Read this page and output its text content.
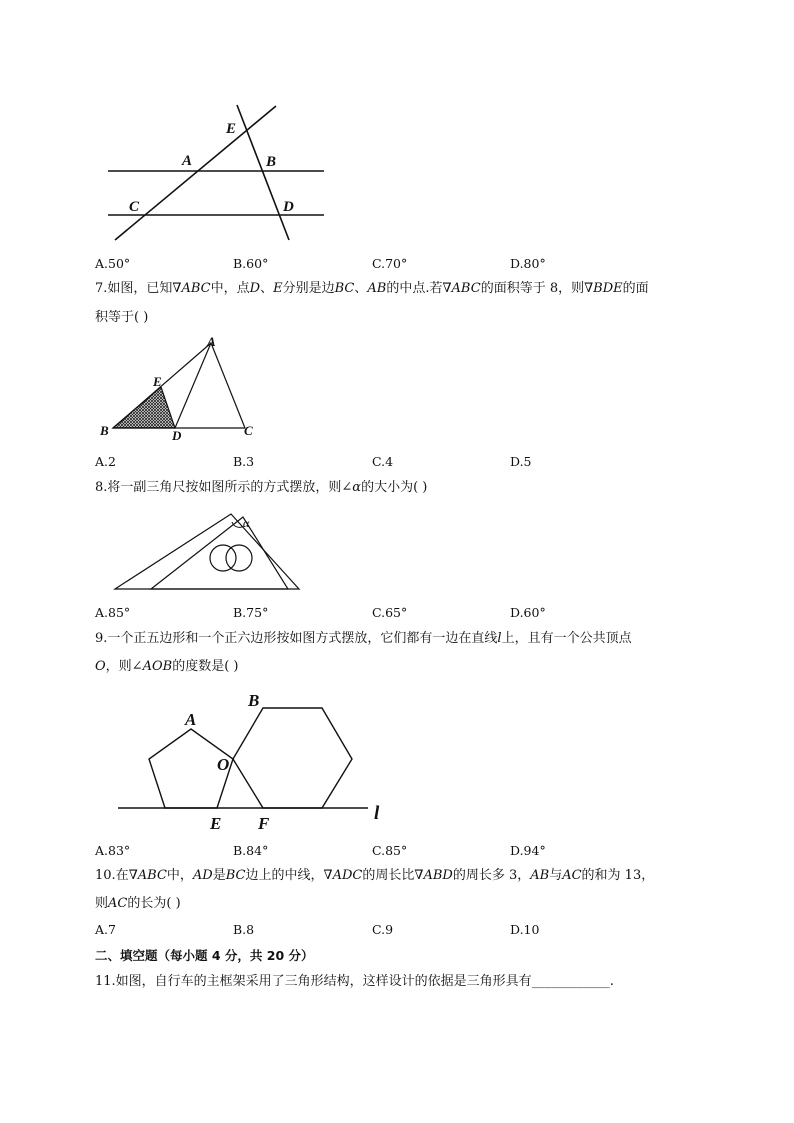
E
A	B
C	D
A.50°	B.60°	C.70°	D.80°
7.如图，已知∇ABC中，点D、E分别是边BC、AB的中点.若∇ABC的面积等于 8，则∇BDE的面
积等于( )
A
E
B	D	C
A.2	B.3	C.4	D.5
8.将一副三角尺按如图所示的方式摆放，则∠α的大小为( )
α
A.85°	B.75°	C.65°	D.60°
9.一个正五边形和一个正六边形按如图方式摆放，它们都有一边在直线l上，且有一个公共顶点
O，则∠AOB的度数是( )
A
B
O
E F	l
A.83°	B.84°	C.85°	D.94°
10.在∇ABC中，AD是BC边上的中线，∇ADC的周长比∇ABD的周长多 3，AB与AC的和为 13，
则AC的长为( )
A.7	B.8	C.9	D.10
二、填空题（每小题 4 分，共 20 分）
11.如图，自行车的主框架采用了三角形结构，这样设计的依据是三角形具有____________.
